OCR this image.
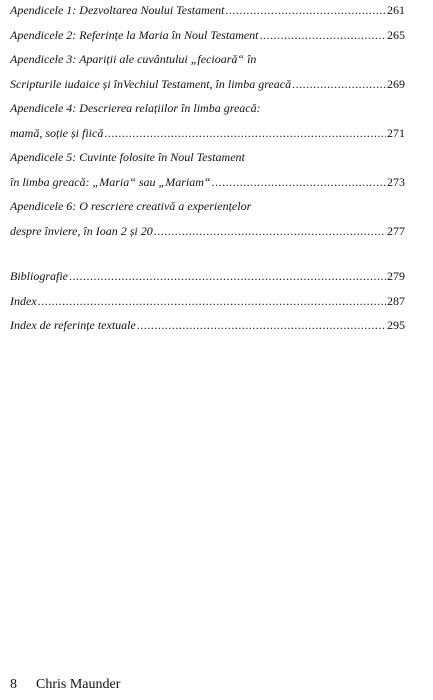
Apendicele 1: Dezvoltarea Noului Testament .....	261
Apendicele 2: Referințe la Maria în Noul Testament .....	265
Apendicele 3: Apariții ale cuvântului „fecioară“ în
Scripturile iudaice și înVechiul Testament, în limba greacă .....	269
Apendicele 4: Descrierea relațiilor în limba greacă:
mamă, soție și fiică .....	271
Apendicele 5: Cuvinte folosite în Noul Testament
în limba greacă: „Maria“ sau „Mariam“ .....	273
Apendicele 6: O rescriere creativă a experiențelor
despre înviere, în Ioan 2 și 20 .....	277
Bibliografie .....	279
Index .....	287
Index de referințe textuale .....	295
8 Chris Maunder
